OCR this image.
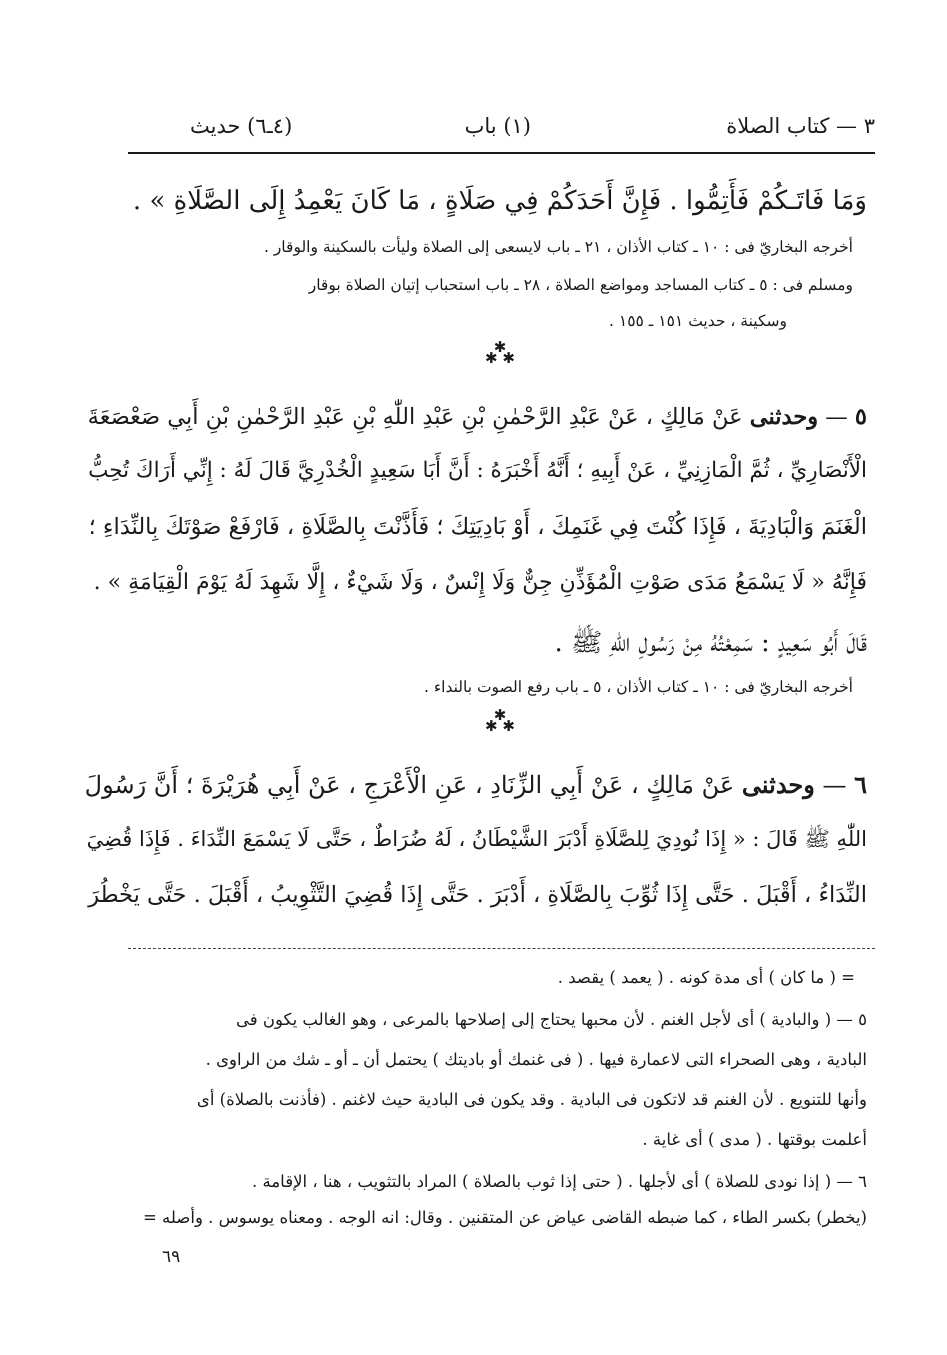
٣ — كتاب الصلاة
(١) باب
(٤ـ٦) حديث
وَمَا فَاتَـكُمْ فَأَتِمُّوا . فَإِنَّ أَحَدَكُمْ فِي صَلَاةٍ ، مَا كَانَ يَعْمِدُ إِلَى الصَّلَاةِ » .
أخرجه البخاريّ فى : ١٠ ـ كتاب الأذان ، ٢١ ـ باب لايسعى إلى الصلاة وليأت بالسكينة والوقار .
ومسلم فى : ٥ ـ كتاب المساجد ومواضع الصلاة ، ٢٨ ـ باب استحباب إتيان الصلاة بوقار
وسكينة ، حديث ١٥١ ـ ١٥٥ .
✱
✱ ✱
٥ — وحدثنى عَنْ مَالِكٍ ، عَنْ عَبْدِ الرَّحْمٰنِ بْنِ عَبْدِ اللّٰهِ بْنِ عَبْدِ الرَّحْمٰنِ بْنِ أَبِي صَعْصَعَةَ
الْأَنْصَارِيِّ ، ثُمَّ الْمَازِنِيِّ ، عَنْ أَبِيهِ ؛ أَنَّهُ أَخْبَرَهُ : أَنَّ أَبَا سَعِيدٍ الْخُدْرِيَّ قَالَ لَهُ : إِنِّي أَرَاكَ تُحِبُّ
الْغَنَمَ وَالْبَادِيَةَ ، فَإِذَا كُنْتَ فِي غَنَمِكَ ، أَوْ بَادِيَتِكَ ؛ فَأَذَّنْتَ بِالصَّلَاةِ ، فَارْفَعْ صَوْتَكَ بِالنِّدَاءِ ؛
فَإِنَّهُ « لَا يَسْمَعُ مَدَى صَوْتِ الْمُؤَذِّنِ جِنٌّ وَلَا إِنْسٌ ، وَلَا شَيْءٌ ، إِلَّا شَهِدَ لَهُ يَوْمَ الْقِيَامَةِ » .
قَالَ أَبُو سَعِيدٍ : سَمِعْتُهُ مِنْ رَسُولِ اللّٰهِ ﷺ .
أخرجه البخاريّ فى : ١٠ ـ كتاب الأذان ، ٥ ـ باب رفع الصوت بالنداء .
✱
✱ ✱
٦ — وحدثنى عَنْ مَالِكٍ ، عَنْ أَبِي الزِّنَادِ ، عَنِ الْأَعْرَجِ ، عَنْ أَبِي هُرَيْرَةَ ؛ أَنَّ رَسُولَ
اللّٰهِ ﷺ قَالَ : « إِذَا نُودِيَ لِلصَّلَاةِ أَدْبَرَ الشَّيْطَانُ ، لَهُ ضُرَاطٌ ، حَتَّى لَا يَسْمَعَ النِّدَاءَ . فَإِذَا قُضِيَ
النِّدَاءُ ، أَقْبَلَ . حَتَّى إِذَا ثُوِّبَ بِالصَّلَاةِ ، أَدْبَرَ . حَتَّى إِذَا قُضِيَ التَّثْوِيبُ ، أَقْبَلَ . حَتَّى يَخْطُرَ
= ( ما كان ) أى مدة كونه . ( يعمد ) يقصد .
٥ — ( والبادية ) أى لأجل الغنم . لأن محبها يحتاج إلى إصلاحها بالمرعى ، وهو الغالب يكون فى
البادية ، وهى الصحراء التى لاعمارة فيها . ( فى غنمك أو باديتك ) يحتمل أن ـ أو ـ شك من الراوى .
وأنها للتنويع . لأن الغنم قد لاتكون فى البادية . وقد يكون فى البادية حيث لاغنم . (فأذنت بالصلاة) أى
أعلمت بوقتها . ( مدى ) أى غاية .
٦ — ( إذا نودى للصلاة ) أى لأجلها . ( حتى إذا ثوب بالصلاة ) المراد بالتثويب ، هنا ، الإقامة .
(يخطر) بكسر الطاء ، كما ضبطه القاضى عياض عن المتقنين . وقال: انه الوجه . ومعناه يوسوس . وأصله =
٦٩
